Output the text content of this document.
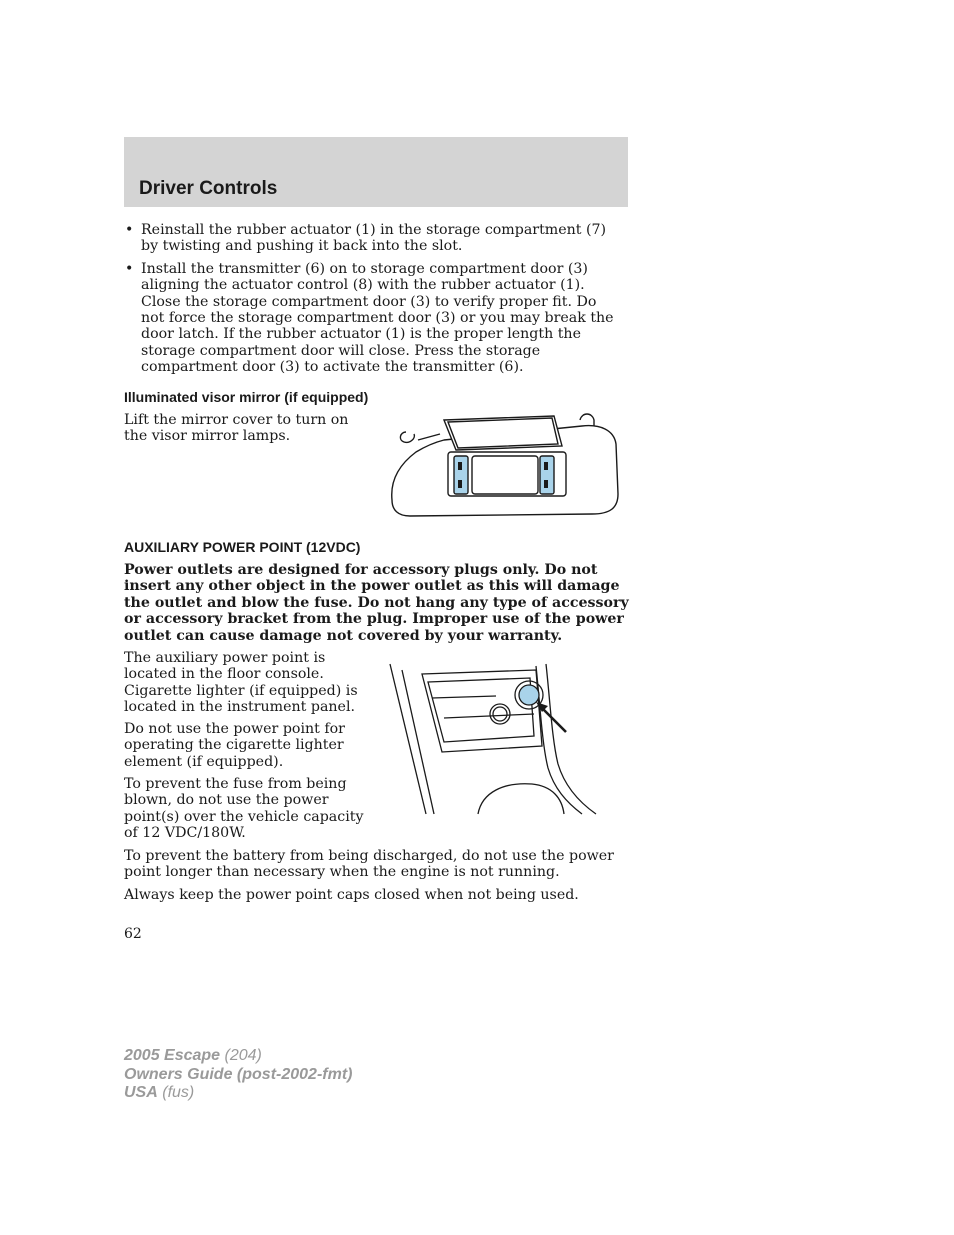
Driver Controls
• Reinstall the rubber actuator (1) in the storage compartment (7) by twisting and pushing it back into the slot.
• Install the transmitter (6) on to storage compartment door (3) aligning the actuator control (8) with the rubber actuator (1). Close the storage compartment door (3) to verify proper fit. Do not force the storage compartment door (3) or you may break the door latch. If the rubber actuator (1) is the proper length the storage compartment door will close. Press the storage compartment door (3) to activate the transmitter (6).
Illuminated visor mirror (if equipped)

Lift the mirror cover to turn on the visor mirror lamps.

AUXILIARY POWER POINT (12VDC)

Power outlets are designed for accessory plugs only. Do not insert any other object in the power outlet as this will damage the outlet and blow the fuse. Do not hang any type of accessory or accessory bracket from the plug. Improper use of the power outlet can cause damage not covered by your warranty.

The auxiliary power point is located in the floor console. Cigarette lighter (if equipped) is located in the instrument panel.

Do not use the power point for operating the cigarette lighter element (if equipped).

To prevent the fuse from being blown, do not use the power point(s) over the vehicle capacity of 12 VDC/180W.

To prevent the battery from being discharged, do not use the power point longer than necessary when the engine is not running.

Always keep the power point caps closed when not being used.

62
2005 Escape (204)
Owners Guide (post-2002-fmt)
USA (fus)
